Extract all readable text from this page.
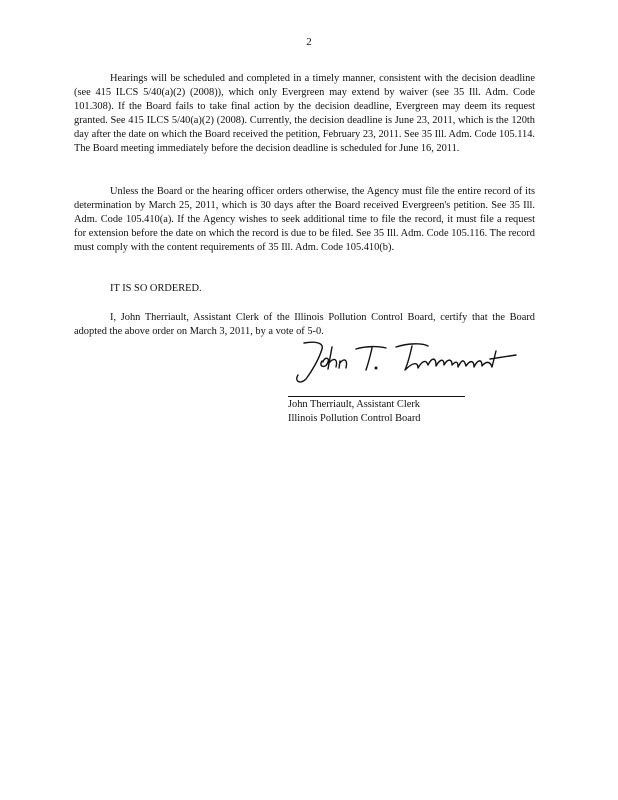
2

Hearings will be scheduled and completed in a timely manner, consistent with the decision deadline (see 415 ILCS 5/40(a)(2) (2008)), which only Evergreen may extend by waiver (see 35 Ill. Adm. Code 101.308). If the Board fails to take final action by the decision deadline, Evergreen may deem its request granted. See 415 ILCS 5/40(a)(2) (2008). Currently, the decision deadline is June 23, 2011, which is the 120th day after the date on which the Board received the petition, February 23, 2011. See 35 Ill. Adm. Code 105.114. The Board meeting immediately before the decision deadline is scheduled for June 16, 2011.

Unless the Board or the hearing officer orders otherwise, the Agency must file the entire record of its determination by March 25, 2011, which is 30 days after the Board received Evergreen's petition. See 35 Ill. Adm. Code 105.410(a). If the Agency wishes to seek additional time to file the record, it must file a request for extension before the date on which the record is due to be filed. See 35 Ill. Adm. Code 105.116. The record must comply with the content requirements of 35 Ill. Adm. Code 105.410(b).

IT IS SO ORDERED.

I, John Therriault, Assistant Clerk of the Illinois Pollution Control Board, certify that the Board adopted the above order on March 3, 2011, by a vote of 5-0.

John Therriault, Assistant Clerk
Illinois Pollution Control Board
